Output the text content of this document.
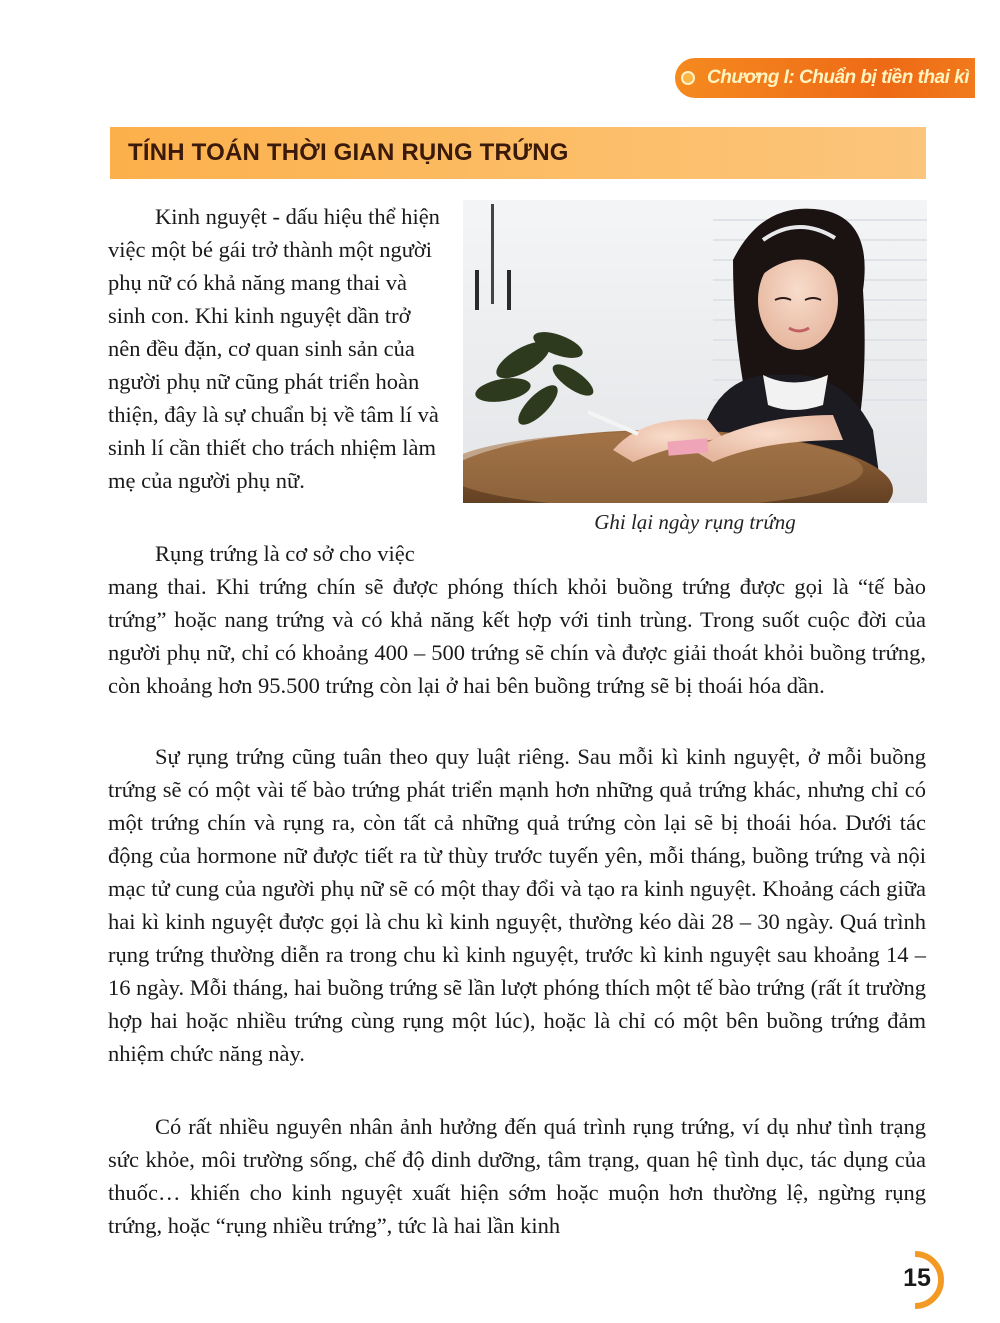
Chương I: Chuẩn bị tiền thai kì
TÍNH TOÁN THỜI GIAN RỤNG TRỨNG

Kinh nguyệt - dấu hiệu thể hiện việc một bé gái trở thành một người phụ nữ có khả năng mang thai và sinh con. Khi kinh nguyệt dần trở nên đều đặn, cơ quan sinh sản của người phụ nữ cũng phát triển hoàn thiện, đây là sự chuẩn bị về tâm lí và sinh lí cần thiết cho trách nhiệm làm mẹ của người phụ nữ.

Ghi lại ngày rụng trứng

Rụng trứng là cơ sở cho việc

mang thai. Khi trứng chín sẽ được phóng thích khỏi buồng trứng được gọi là “tế bào trứng” hoặc nang trứng và có khả năng kết hợp với tinh trùng. Trong suốt cuộc đời của người phụ nữ, chỉ có khoảng 400 – 500 trứng sẽ chín và được giải thoát khỏi buồng trứng, còn khoảng hơn 95.500 trứng còn lại ở hai bên buồng trứng sẽ bị thoái hóa dần.

Sự rụng trứng cũng tuân theo quy luật riêng. Sau mỗi kì kinh nguyệt, ở mỗi buồng trứng sẽ có một vài tế bào trứng phát triển mạnh hơn những quả trứng khác, nhưng chỉ có một trứng chín và rụng ra, còn tất cả những quả trứng còn lại sẽ bị thoái hóa. Dưới tác động của hormone nữ được tiết ra từ thùy trước tuyến yên, mỗi tháng, buồng trứng và nội mạc tử cung của người phụ nữ sẽ có một thay đổi và tạo ra kinh nguyệt. Khoảng cách giữa hai kì kinh nguyệt được gọi là chu kì kinh nguyệt, thường kéo dài 28 – 30 ngày. Quá trình rụng trứng thường diễn ra trong chu kì kinh nguyệt, trước kì kinh nguyệt sau khoảng 14 – 16 ngày. Mỗi tháng, hai buồng trứng sẽ lần lượt phóng thích một tế bào trứng (rất ít trường hợp hai hoặc nhiều trứng cùng rụng một lúc), hoặc là chỉ có một bên buồng trứng đảm nhiệm chức năng này.

Có rất nhiều nguyên nhân ảnh hưởng đến quá trình rụng trứng, ví dụ như tình trạng sức khỏe, môi trường sống, chế độ dinh dưỡng, tâm trạng, quan hệ tình dục, tác dụng của thuốc… khiến cho kinh nguyệt xuất hiện sớm hoặc muộn hơn thường lệ, ngừng rụng trứng, hoặc “rụng nhiều trứng”, tức là hai lần kinh

15
